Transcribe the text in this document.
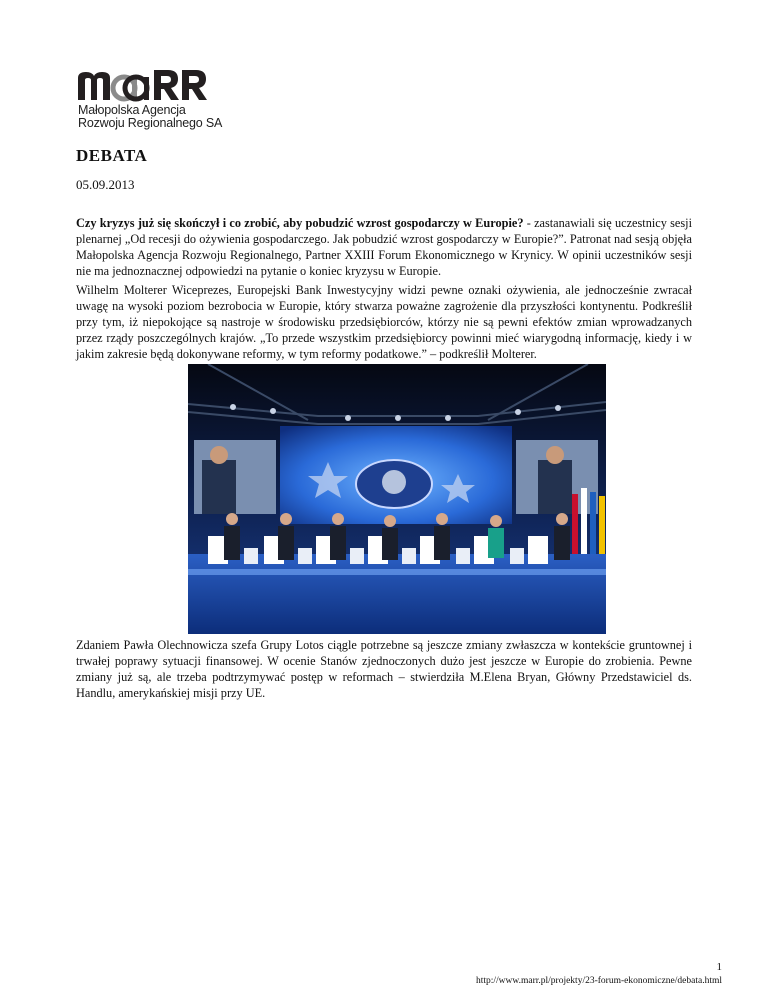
Małopolska Agencja
Rozwoju Regionalnego SA
DEBATA
05.09.2013

Czy kryzys już się skończył i co zrobić, aby pobudzić wzrost gospodarczy w Europie? - zastanawiali się uczestnicy sesji plenarnej „Od recesji do ożywienia gospodarczego. Jak pobudzić wzrost gospodarczy w Europie?”. Patronat nad sesją objęła Małopolska Agencja Rozwoju Regionalnego, Partner XXIII Forum Ekonomicznego w Krynicy. W opinii uczestników sesji nie ma jednoznacznej odpowiedzi na pytanie o koniec kryzysu w Europie.

Wilhelm Molterer Wiceprezes, Europejski Bank Inwestycyjny widzi pewne oznaki ożywienia, ale jednocześnie zwracał uwagę na wysoki poziom bezrobocia w Europie, który stwarza poważne zagrożenie dla przyszłości kontynentu. Podkreślił przy tym, iż niepokojące są nastroje w środowisku przedsiębiorców, którzy nie są pewni efektów zmian wprowadzanych przez rządy poszczególnych krajów. „To przede wszystkim przedsiębiorcy powinni mieć wiarygodną informację, kiedy i w jakim zakresie będą dokonywane reformy, w tym reformy podatkowe.” – podkreślił Molterer.

Zdaniem Pawła Olechnowicza szefa Grupy Lotos ciągle potrzebne są jeszcze zmiany zwłaszcza w kontekście gruntownej i trwałej poprawy sytuacji finansowej. W ocenie Stanów zjednoczonych dużo jest jeszcze w Europie do zrobienia. Pewne zmiany już są, ale trzeba podtrzymywać postęp w reformach – stwierdziła M.Elena Bryan, Główny Przedstawiciel ds. Handlu, amerykańskiej misji przy UE.

1
http://www.marr.pl/projekty/23-forum-ekonomiczne/debata.html
